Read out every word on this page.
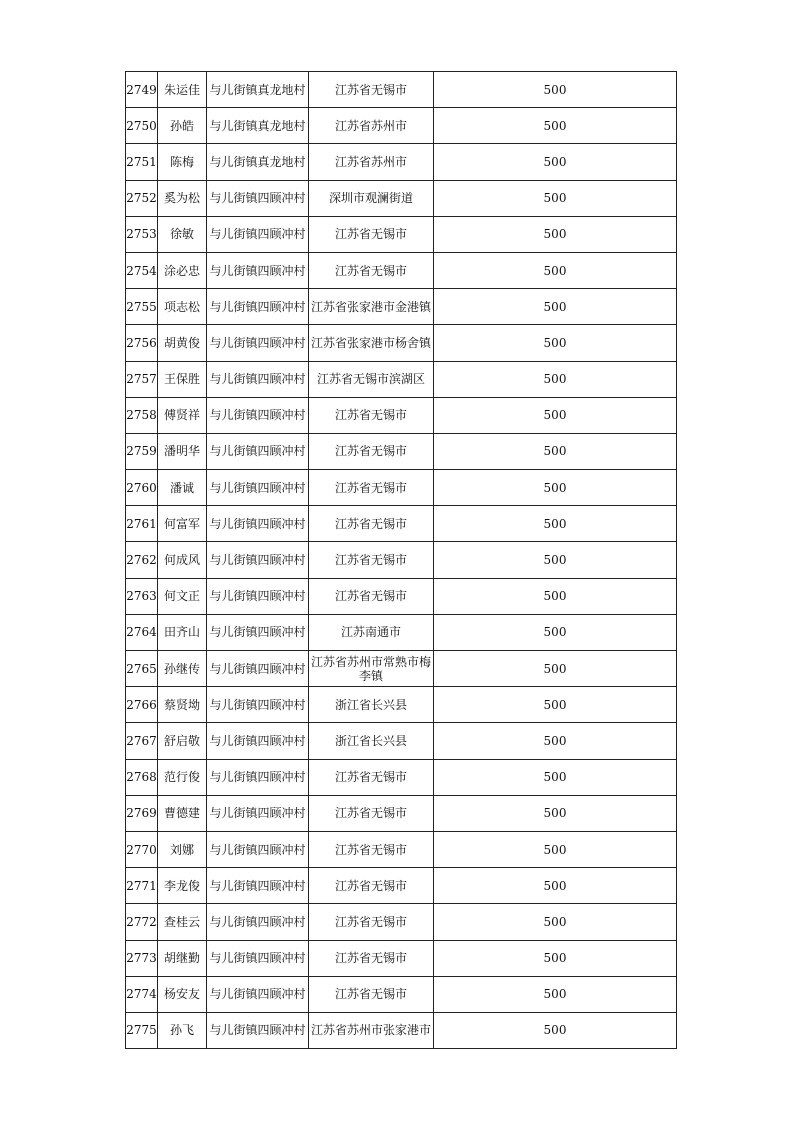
2749	朱运佳	与儿街镇真龙地村	江苏省无锡市	500
2750	孙皓	与儿街镇真龙地村	江苏省苏州市	500
2751	陈梅	与儿街镇真龙地村	江苏省苏州市	500
2752	奚为松	与儿街镇四顾冲村	深圳市观澜街道	500
2753	徐敏	与儿街镇四顾冲村	江苏省无锡市	500
2754	涂必忠	与儿街镇四顾冲村	江苏省无锡市	500
2755	项志松	与儿街镇四顾冲村	江苏省张家港市金港镇	500
2756	胡黄俊	与儿街镇四顾冲村	江苏省张家港市杨舍镇	500
2757	王保胜	与儿街镇四顾冲村	江苏省无锡市滨湖区	500
2758	傅贤祥	与儿街镇四顾冲村	江苏省无锡市	500
2759	潘明华	与儿街镇四顾冲村	江苏省无锡市	500
2760	潘诚	与儿街镇四顾冲村	江苏省无锡市	500
2761	何富军	与儿街镇四顾冲村	江苏省无锡市	500
2762	何成风	与儿街镇四顾冲村	江苏省无锡市	500
2763	何文正	与儿街镇四顾冲村	江苏省无锡市	500
2764	田齐山	与儿街镇四顾冲村	江苏南通市	500
2765	孙继传	与儿街镇四顾冲村	江苏省苏州市常熟市梅李镇	500
2766	蔡贤坳	与儿街镇四顾冲村	浙江省长兴县	500
2767	舒启敬	与儿街镇四顾冲村	浙江省长兴县	500
2768	范行俊	与儿街镇四顾冲村	江苏省无锡市	500
2769	曹德建	与儿街镇四顾冲村	江苏省无锡市	500
2770	刘娜	与儿街镇四顾冲村	江苏省无锡市	500
2771	李龙俊	与儿街镇四顾冲村	江苏省无锡市	500
2772	查桂云	与儿街镇四顾冲村	江苏省无锡市	500
2773	胡继勤	与儿街镇四顾冲村	江苏省无锡市	500
2774	杨安友	与儿街镇四顾冲村	江苏省无锡市	500
2775	孙飞	与儿街镇四顾冲村	江苏省苏州市张家港市	500
